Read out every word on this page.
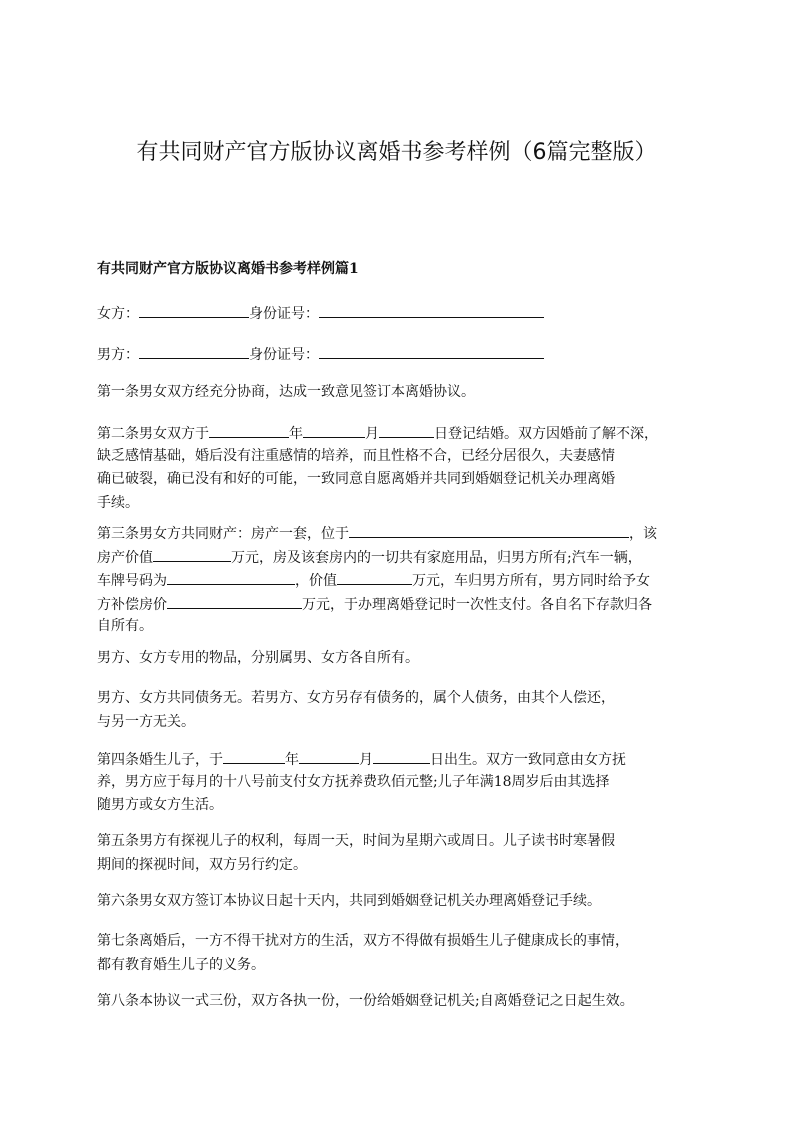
有共同财产官方版协议离婚书参考样例（6篇完整版）
有共同财产官方版协议离婚书参考样例篇1
女方：	身份证号：
男方：	身份证号：
第一条男女双方经充分协商，达成一致意见签订本离婚协议。
第二条男女双方于	年	月	日登记结婚。双方因婚前了解不深，
缺乏感情基础，婚后没有注重感情的培养，而且性格不合，已经分居很久，夫妻感情
确已破裂，确已没有和好的可能，一致同意自愿离婚并共同到婚姻登记机关办理离婚
手续。
第三条男女方共同财产：房产一套，位于	，该
房产价值	万元，房及该套房内的一切共有家庭用品，归男方所有;汽车一辆，
车牌号码为	，价值	万元，车归男方所有，男方同时给予女
方补偿房价	万元，于办理离婚登记时一次性支付。各自名下存款归各
自所有。
男方、女方专用的物品，分别属男、女方各自所有。
男方、女方共同债务无。若男方、女方另存有债务的，属个人债务，由其个人偿还，
与另一方无关。
第四条婚生儿子，于	年	月	日出生。双方一致同意由女方抚
养，男方应于每月的十八号前支付女方抚养费玖佰元整;儿子年满18周岁后由其选择
随男方或女方生活。
第五条男方有探视儿子的权利，每周一天，时间为星期六或周日。儿子读书时寒暑假
期间的探视时间，双方另行约定。
第六条男女双方签订本协议日起十天内，共同到婚姻登记机关办理离婚登记手续。
第七条离婚后，一方不得干扰对方的生活，双方不得做有损婚生儿子健康成长的事情，
都有教育婚生儿子的义务。
第八条本协议一式三份，双方各执一份，一份给婚姻登记机关;自离婚登记之日起生效。
